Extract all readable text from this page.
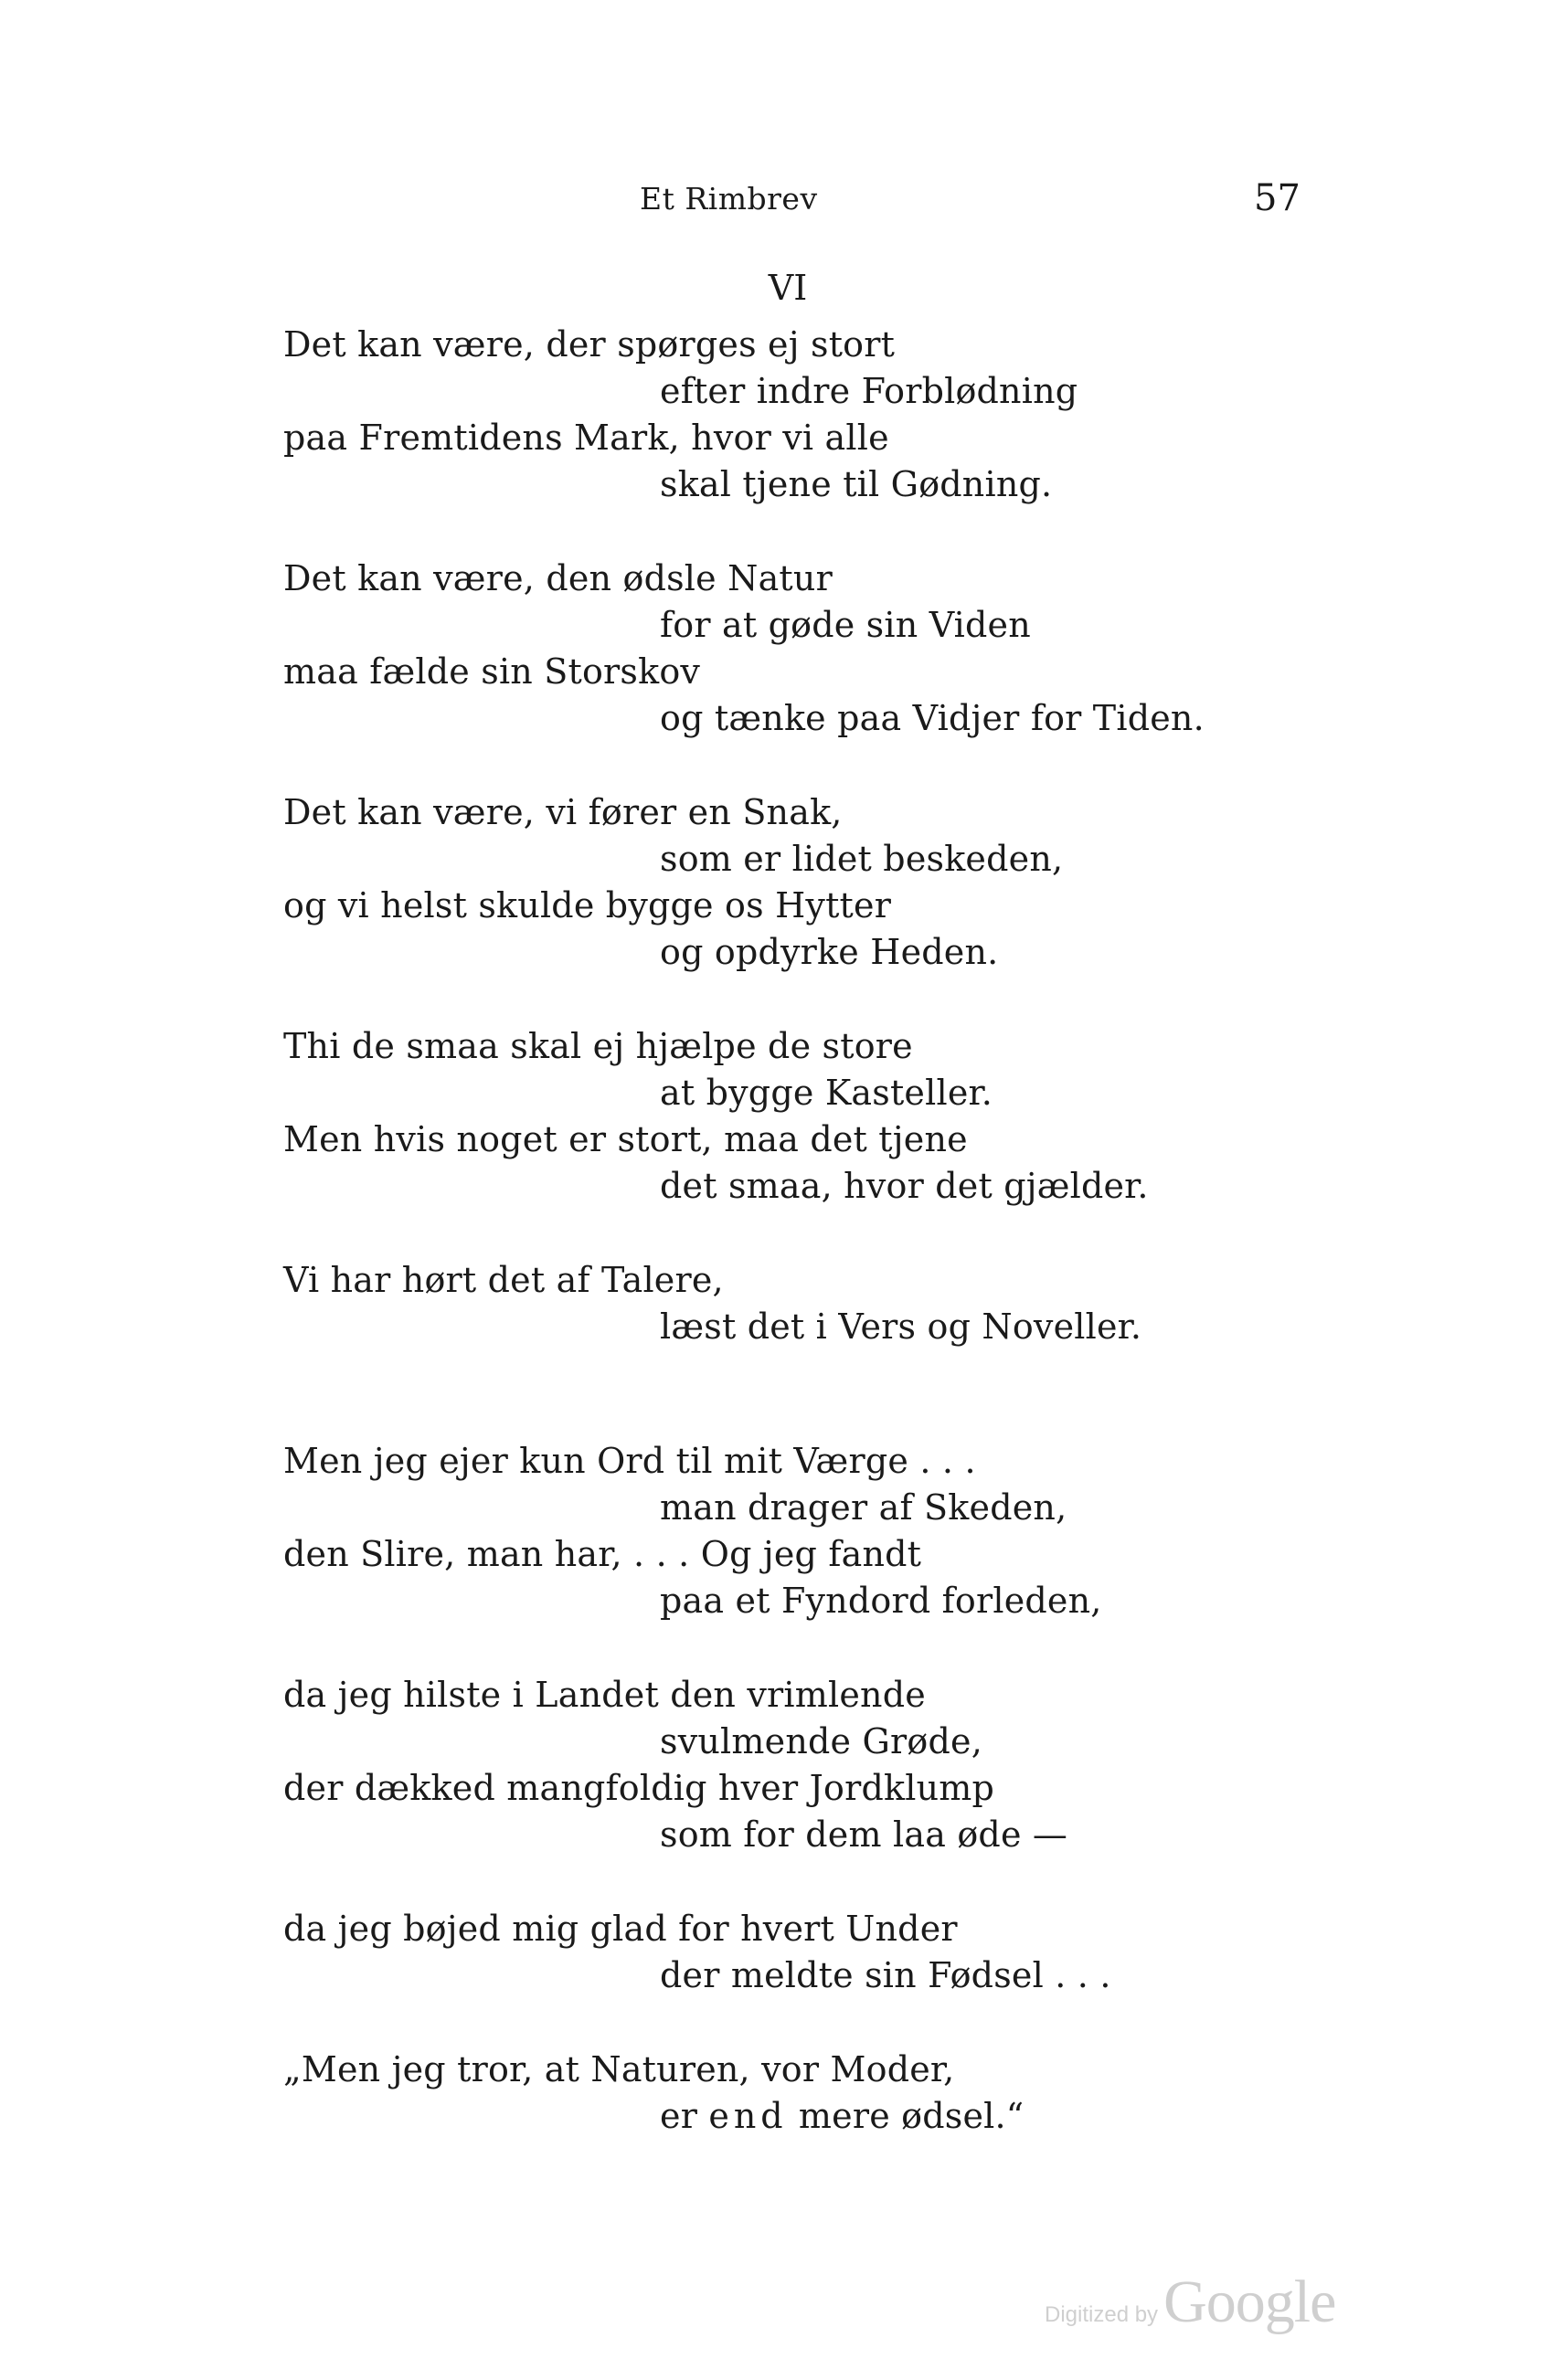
Et Rimbrev	57
VI
Det kan være, der spørges ej stort
efter indre Forblødning
paa Fremtidens Mark, hvor vi alle
skal tjene til Gødning.
Det kan være, den ødsle Natur
for at gøde sin Viden
maa fælde sin Storskov
og tænke paa Vidjer for Tiden.
Det kan være, vi fører en Snak,
som er lidet beskeden,
og vi helst skulde bygge os Hytter
og opdyrke Heden.
Thi de smaa skal ej hjælpe de store
at bygge Kasteller.
Men hvis noget er stort, maa det tjene
det smaa, hvor det gjælder.
Vi har hørt det af Talere,
læst det i Vers og Noveller.
Men jeg ejer kun Ord til mit Værge . . .
man drager af Skeden,
den Slire, man har, . . . Og jeg fandt
paa et Fyndord forleden,
da jeg hilste i Landet den vrimlende
svulmende Grøde,
der dækked mangfoldig hver Jordklump
som for dem laa øde —
da jeg bøjed mig glad for hvert Under
der meldte sin Fødsel . . .
„Men jeg tror, at Naturen, vor Moder,
er end mere ødsel.“
Digitized by Google
